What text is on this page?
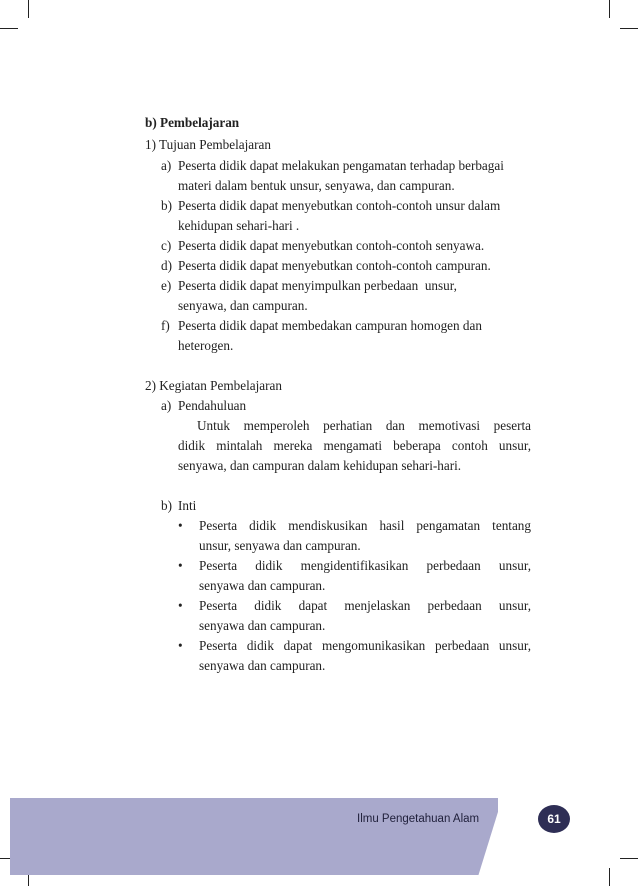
b) Pembelajaran
1) Tujuan Pembelajaran
a) Peserta didik dapat melakukan pengamatan terhadap berbagai
materi dalam bentuk unsur, senyawa, dan campuran.
b) Peserta didik dapat menyebutkan contoh-contoh unsur dalam
kehidupan sehari-hari .
c) Peserta didik dapat menyebutkan contoh-contoh senyawa.
d) Peserta didik dapat menyebutkan contoh-contoh campuran.
e) Peserta didik dapat menyimpulkan perbedaan  unsur,
senyawa, dan campuran.
f) Peserta didik dapat membedakan campuran homogen dan
heterogen.
2) Kegiatan Pembelajaran
a) Pendahuluan
Untuk memperoleh perhatian dan memotivasi peserta
didik mintalah mereka mengamati beberapa contoh unsur,
senyawa, dan campuran dalam kehidupan sehari-hari.
b) Inti
• Peserta didik mendiskusikan hasil pengamatan tentang
unsur, senyawa dan campuran.
• Peserta didik mengidentifikasikan perbedaan unsur,
senyawa dan campuran.
• Peserta didik dapat menjelaskan perbedaan unsur,
senyawa dan campuran.
• Peserta didik dapat mengomunikasikan perbedaan unsur,
senyawa dan campuran.
Ilmu Pengetahuan Alam	61
